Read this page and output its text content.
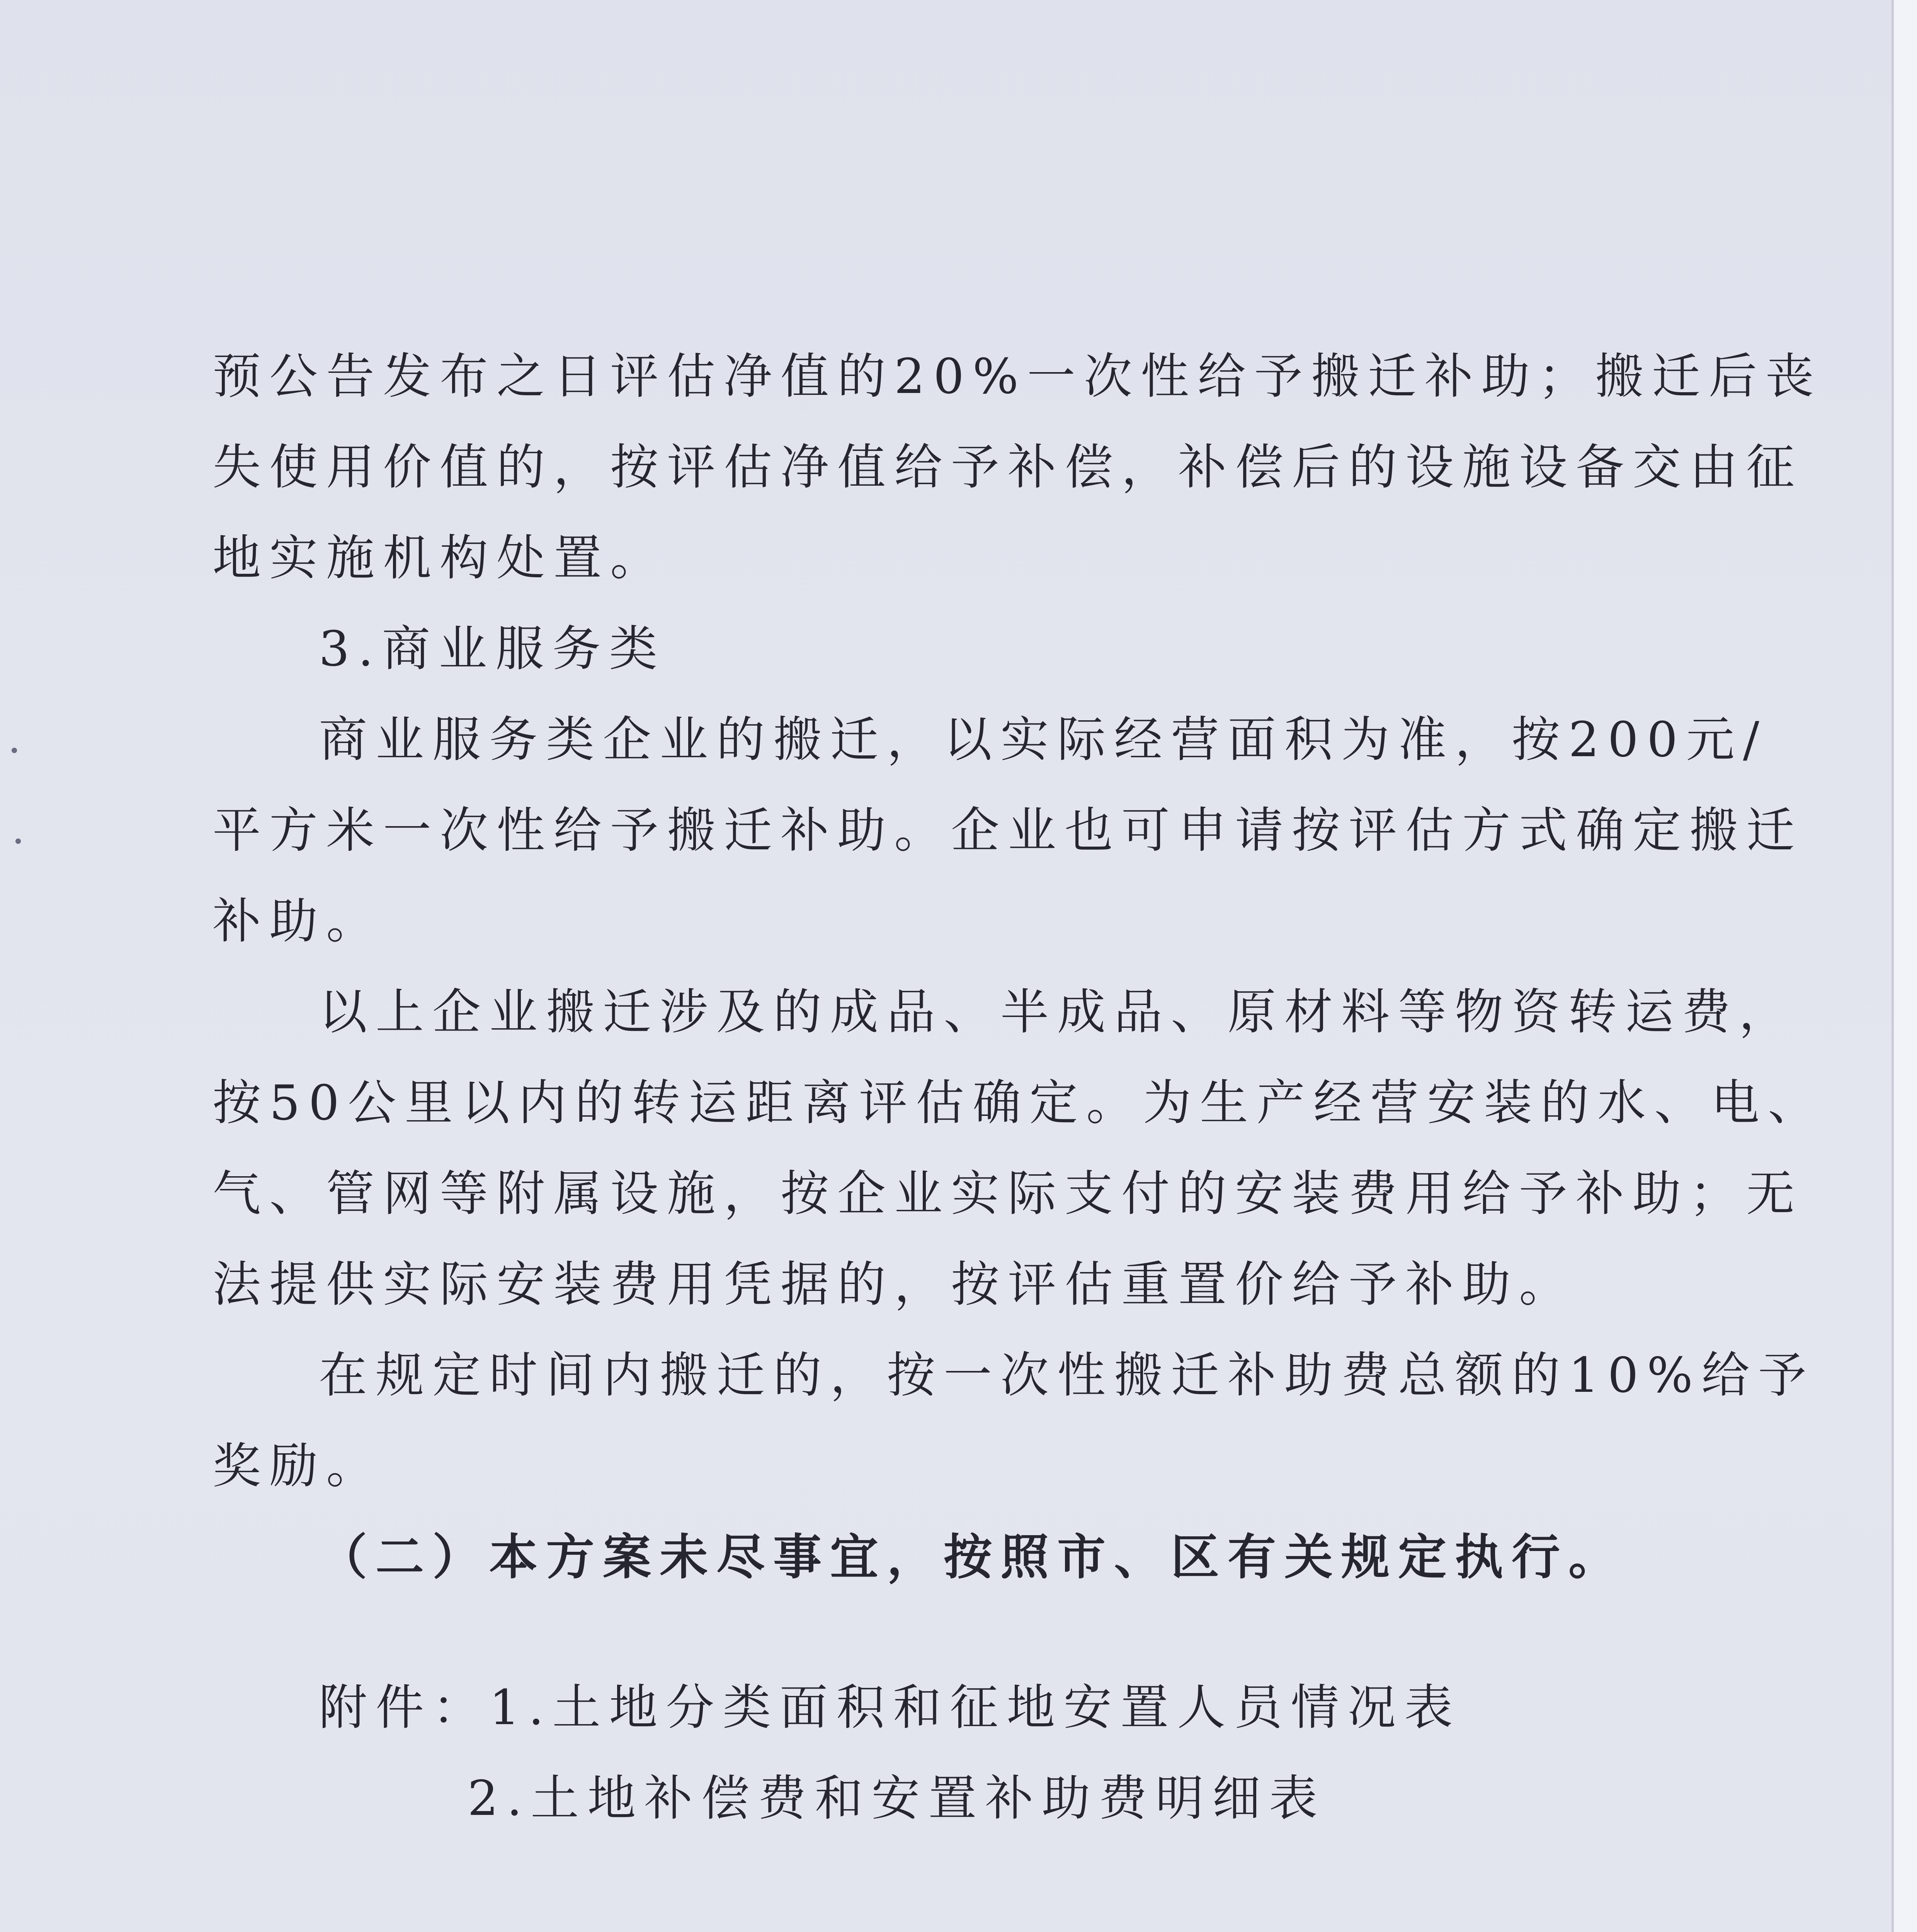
预公告发布之日评估净值的20%一次性给予搬迁补助；搬迁后丧

失使用价值的，按评估净值给予补偿，补偿后的设施设备交由征

地实施机构处置。

3.商业服务类

商业服务类企业的搬迁，以实际经营面积为准，按200元/

平方米一次性给予搬迁补助。企业也可申请按评估方式确定搬迁

补助。

以上企业搬迁涉及的成品、半成品、原材料等物资转运费，

按50公里以内的转运距离评估确定。为生产经营安装的水、电、

气、管网等附属设施，按企业实际支付的安装费用给予补助；无

法提供实际安装费用凭据的，按评估重置价给予补助。

在规定时间内搬迁的，按一次性搬迁补助费总额的10%给予

奖励。

（二）本方案未尽事宜，按照市、区有关规定执行。

附件：1.土地分类面积和征地安置人员情况表

2.土地补偿费和安置补助费明细表
